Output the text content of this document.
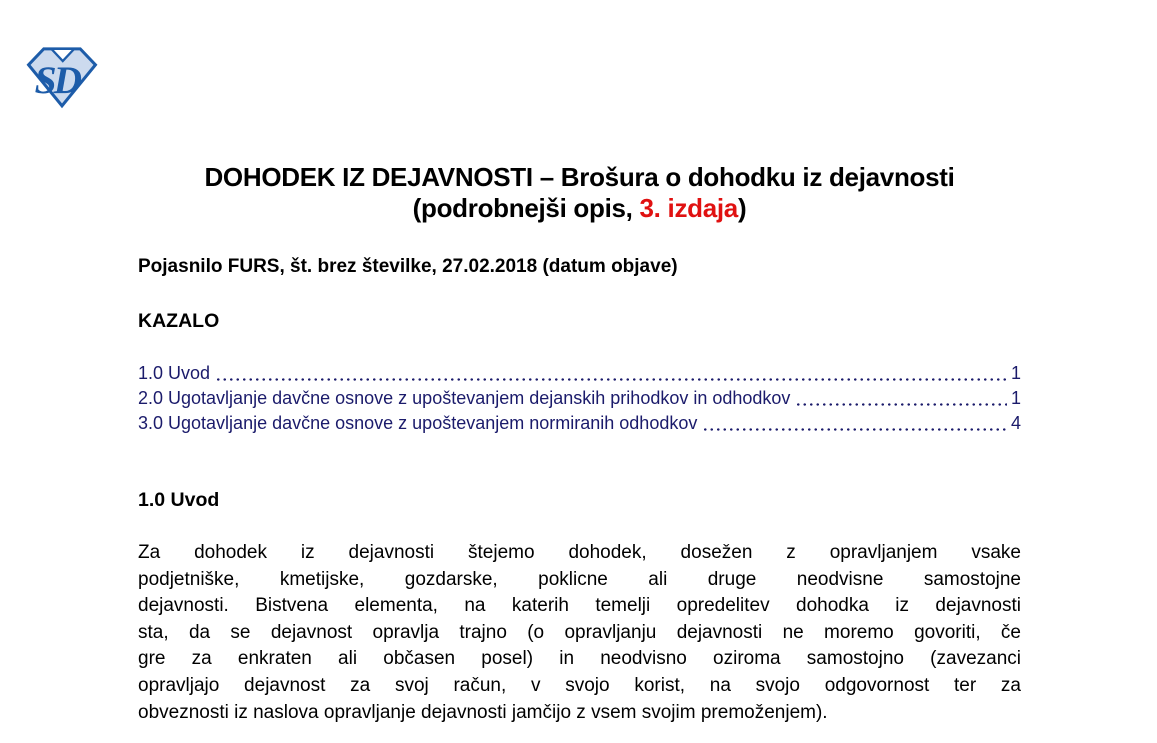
SD
DOHODEK IZ DEJAVNOSTI – Brošura o dohodku iz dejavnosti
(podrobnejši opis, 3. izdaja)

Pojasnilo FURS, št. brez številke, 27.02.2018 (datum objave)

KAZALO
1.0 Uvod	1
2.0 Ugotavljanje davčne osnove z upoštevanjem dejanskih prihodkov in odhodkov	1
3.0 Ugotavljanje davčne osnove z upoštevanjem normiranih odhodkov	4
1.0 Uvod
Za dohodek iz dejavnosti štejemo dohodek, dosežen z opravljanjem vsake
podjetniške, kmetijske, gozdarske, poklicne ali druge neodvisne samostojne
dejavnosti. Bistvena elementa, na katerih temelji opredelitev dohodka iz dejavnosti
sta, da se dejavnost opravlja trajno (o opravljanju dejavnosti ne moremo govoriti, če
gre za enkraten ali občasen posel) in neodvisno oziroma samostojno (zavezanci
opravljajo dejavnost za svoj račun, v svojo korist, na svojo odgovornost ter za
obveznosti iz naslova opravljanje dejavnosti jamčijo z vsem svojim premoženjem).
